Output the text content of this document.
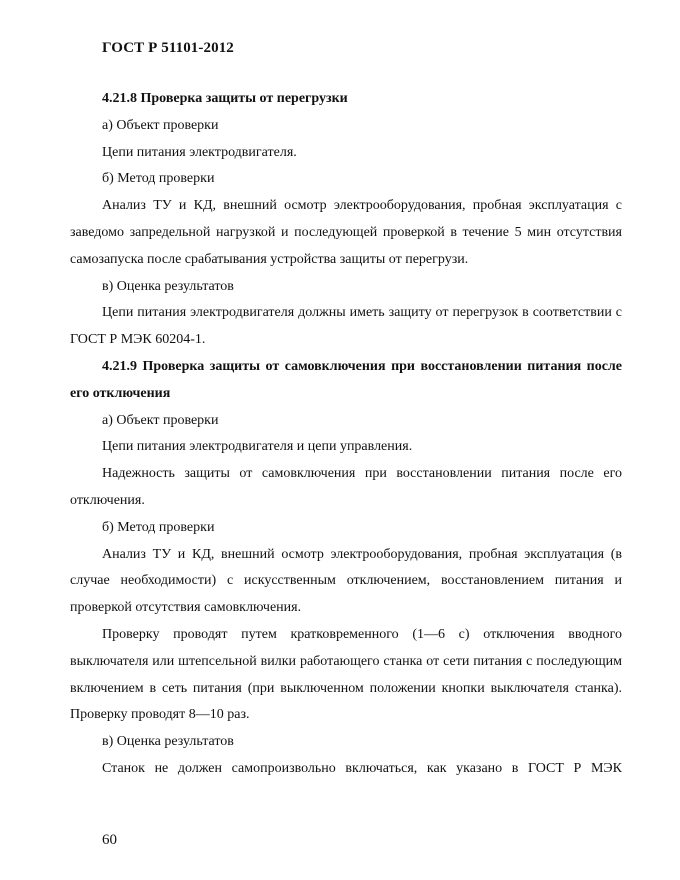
ГОСТ Р 51101-2012

4.21.8 Проверка защиты от перегрузки

а) Объект проверки

Цепи питания электродвигателя.

б) Метод проверки

Анализ ТУ и КД, внешний осмотр электрооборудования, пробная эксплуатация с заведомо запредельной нагрузкой и последующей проверкой в течение 5 мин отсутствия самозапуска после срабатывания устройства защиты от перегрузи.

в) Оценка результатов

Цепи питания электродвигателя должны иметь защиту от перегрузок в соответствии с ГОСТ Р МЭК 60204-1.

4.21.9 Проверка защиты от самовключения при восстановлении питания после его отключения

а) Объект проверки

Цепи питания электродвигателя и цепи управления.

Надежность защиты от самовключения при восстановлении питания после его отключения.

б) Метод проверки

Анализ ТУ и КД, внешний осмотр электрооборудования, пробная эксплуатация (в случае необходимости) с искусственным отключением, восстановлением питания и проверкой отсутствия самовключения.

Проверку проводят путем кратковременного (1—6 с) отключения вводного выключателя или штепсельной вилки работающего станка от сети питания с последующим включением в сеть питания (при выключенном положении кнопки выключателя станка). Проверку проводят 8—10 раз.

в) Оценка результатов

Станок не должен самопроизвольно включаться, как указано в ГОСТ Р МЭК

60
